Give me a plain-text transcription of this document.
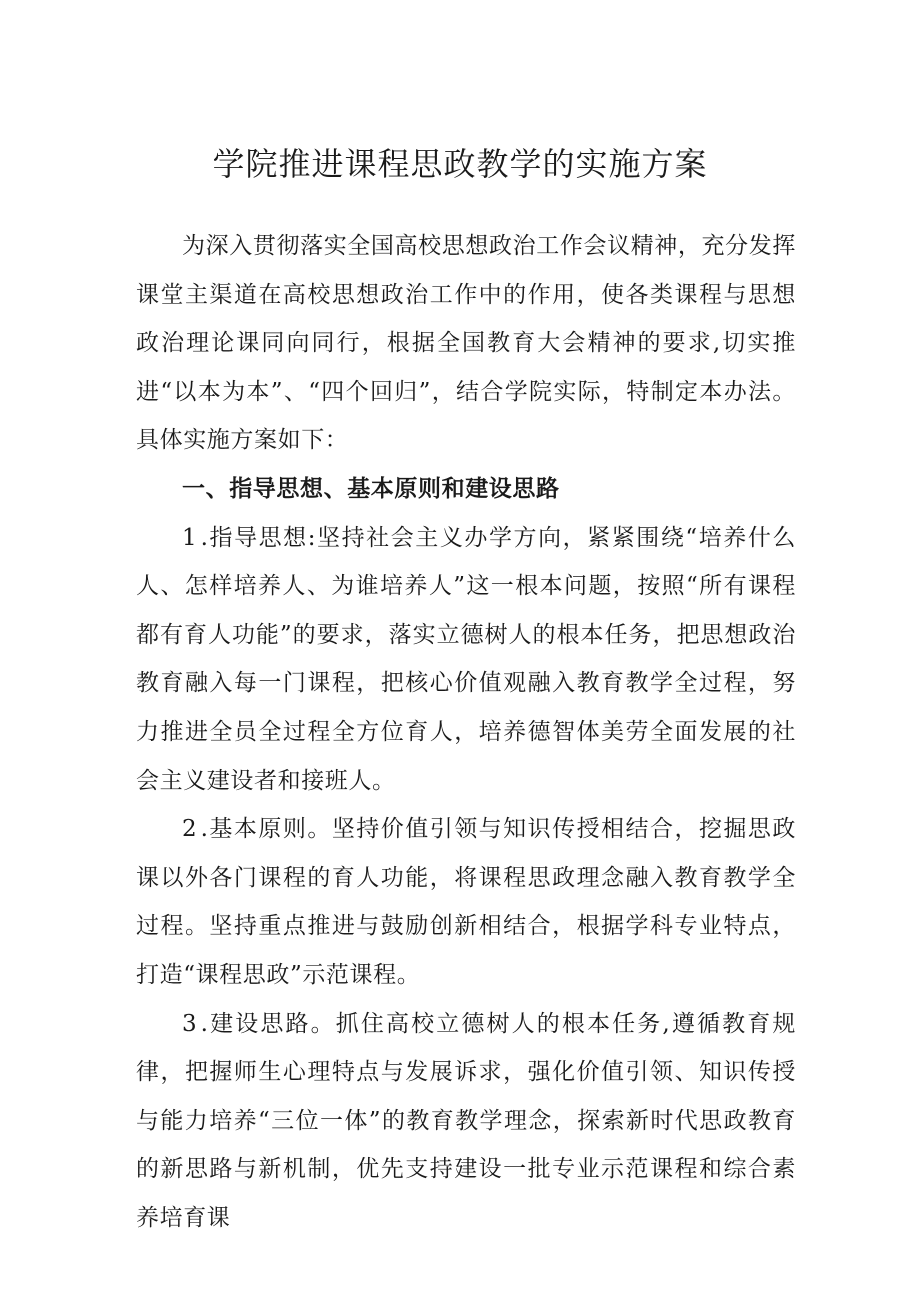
学院推进课程思政教学的实施方案

为深入贯彻落实全国高校思想政治工作会议精神，充分发挥课堂主渠道在高校思想政治工作中的作用，使各类课程与思想政治理论课同向同行，根据全国教育大会精神的要求,切实推进“以本为本”、“四个回归”，结合学院实际，特制定本办法。具体实施方案如下：

一、指导思想、基本原则和建设思路

1.指导思想:坚持社会主义办学方向，紧紧围绕“培养什么人、怎样培养人、为谁培养人”这一根本问题，按照“所有课程都有育人功能”的要求，落实立德树人的根本任务，把思想政治教育融入每一门课程，把核心价值观融入教育教学全过程，努力推进全员全过程全方位育人，培养德智体美劳全面发展的社会主义建设者和接班人。

2.基本原则。坚持价值引领与知识传授相结合，挖掘思政课以外各门课程的育人功能，将课程思政理念融入教育教学全过程。坚持重点推进与鼓励创新相结合，根据学科专业特点，打造“课程思政”示范课程。

3.建设思路。抓住高校立德树人的根本任务,遵循教育规律，把握师生心理特点与发展诉求，强化价值引领、知识传授与能力培养“三位一体”的教育教学理念，探索新时代思政教育的新思路与新机制，优先支持建设一批专业示范课程和综合素养培育课
